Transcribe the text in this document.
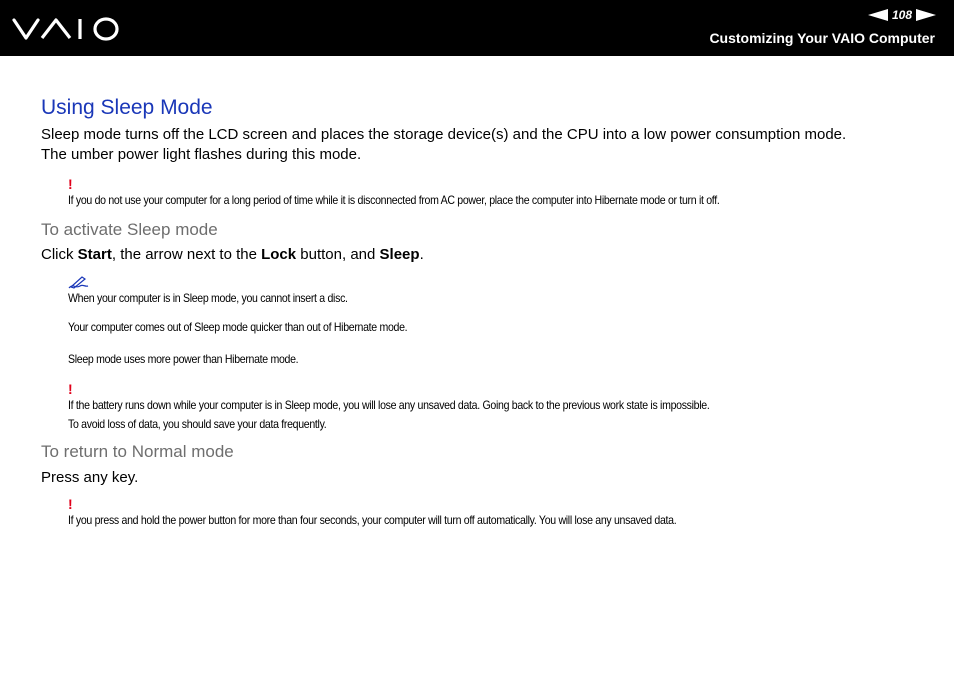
108
Customizing Your VAIO Computer
Using Sleep Mode

Sleep mode turns off the LCD screen and places the storage device(s) and the CPU into a low power consumption mode.
The umber power light flashes during this mode.

!

If you do not use your computer for a long period of time while it is disconnected from AC power, place the computer into Hibernate mode or turn it off.

To activate Sleep mode

Click Start, the arrow next to the Lock button, and Sleep.

When your computer is in Sleep mode, you cannot insert a disc.

Your computer comes out of Sleep mode quicker than out of Hibernate mode.

Sleep mode uses more power than Hibernate mode.

!

If the battery runs down while your computer is in Sleep mode, you will lose any unsaved data. Going back to the previous work state is impossible.

To avoid loss of data, you should save your data frequently.

To return to Normal mode

Press any key.

!

If you press and hold the power button for more than four seconds, your computer will turn off automatically. You will lose any unsaved data.
